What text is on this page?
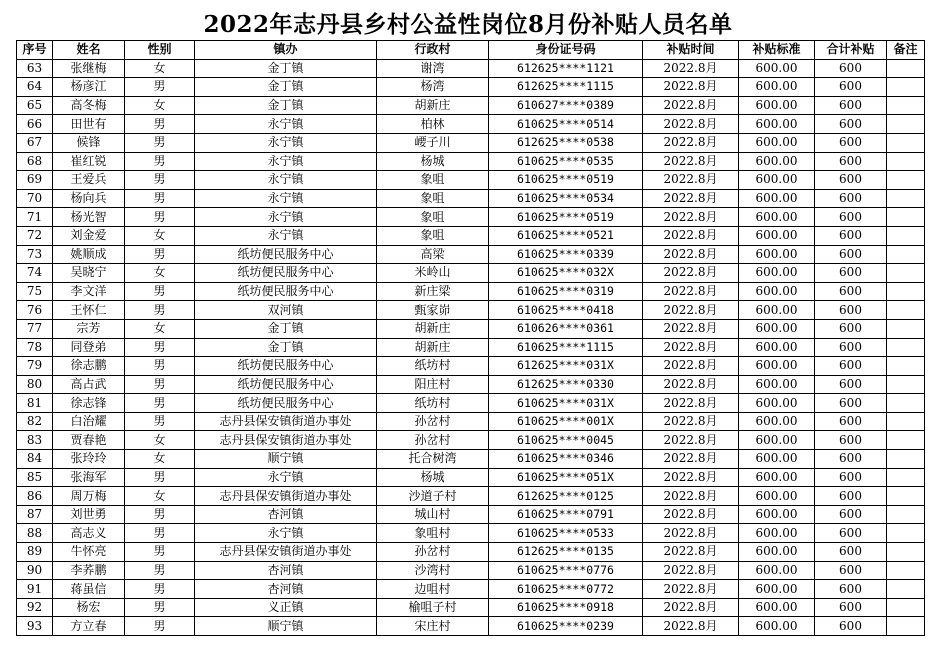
2022年志丹县乡村公益性岗位8月份补贴人员名单
序号	姓名	性别	镇办	行政村	身份证号码	补贴时间	补贴标准	合计补贴	备注
63	张继梅	女	金丁镇	谢湾	612625****1121	2022.8月	600.00	600	
64	杨彦江	男	金丁镇	杨湾	612625****1115	2022.8月	600.00	600	
65	高冬梅	女	金丁镇	胡新庄	610627****0389	2022.8月	600.00	600	
66	田世有	男	永宁镇	柏林	610625****0514	2022.8月	600.00	600	
67	候锋	男	永宁镇	崾子川	612625****0538	2022.8月	600.00	600	
68	崔红锐	男	永宁镇	杨城	610625****0535	2022.8月	600.00	600	
69	王爱兵	男	永宁镇	象咀	610625****0519	2022.8月	600.00	600	
70	杨向兵	男	永宁镇	象咀	610625****0534	2022.8月	600.00	600	
71	杨光智	男	永宁镇	象咀	610625****0519	2022.8月	600.00	600	
72	刘金爱	女	永宁镇	象咀	610625****0521	2022.8月	600.00	600	
73	姚顺成	男	纸坊便民服务中心	高梁	610625****0339	2022.8月	600.00	600	
74	吴晓宁	女	纸坊便民服务中心	米岭山	610625****032X	2022.8月	600.00	600	
75	李文洋	男	纸坊便民服务中心	新庄梁	610625****0319	2022.8月	600.00	600	
76	王怀仁	男	双河镇	甄家峁	610625****0418	2022.8月	600.00	600	
77	宗芳	女	金丁镇	胡新庄	610626****0361	2022.8月	600.00	600	
78	同登弟	男	金丁镇	胡新庄	610625****1115	2022.8月	600.00	600	
79	徐志鹏	男	纸坊便民服务中心	纸坊村	612625****031X	2022.8月	600.00	600	
80	高占武	男	纸坊便民服务中心	阳庄村	612625****0330	2022.8月	600.00	600	
81	徐志锋	男	纸坊便民服务中心	纸坊村	610625****031X	2022.8月	600.00	600	
82	白治耀	男	志丹县保安镇街道办事处	孙岔村	610625****001X	2022.8月	600.00	600	
83	贾春艳	女	志丹县保安镇街道办事处	孙岔村	610625****0045	2022.8月	600.00	600	
84	张玲玲	女	顺宁镇	托合树湾	610625****0346	2022.8月	600.00	600	
85	张海军	男	永宁镇	杨城	610625****051X	2022.8月	600.00	600	
86	周万梅	女	志丹县保安镇街道办事处	沙道子村	612625****0125	2022.8月	600.00	600	
87	刘世勇	男	杏河镇	城山村	610625****0791	2022.8月	600.00	600	
88	高志义	男	永宁镇	象咀村	610625****0533	2022.8月	600.00	600	
89	牛怀亮	男	志丹县保安镇街道办事处	孙岔村	612625****0135	2022.8月	600.00	600	
90	李荞鹏	男	杏河镇	沙湾村	610625****0776	2022.8月	600.00	600	
91	蒋虽信	男	杏河镇	边咀村	610625****0772	2022.8月	600.00	600	
92	杨宏	男	义正镇	榆咀子村	610625****0918	2022.8月	600.00	600	
93	方立春	男	顺宁镇	宋庄村	610625****0239	2022.8月	600.00	600	
